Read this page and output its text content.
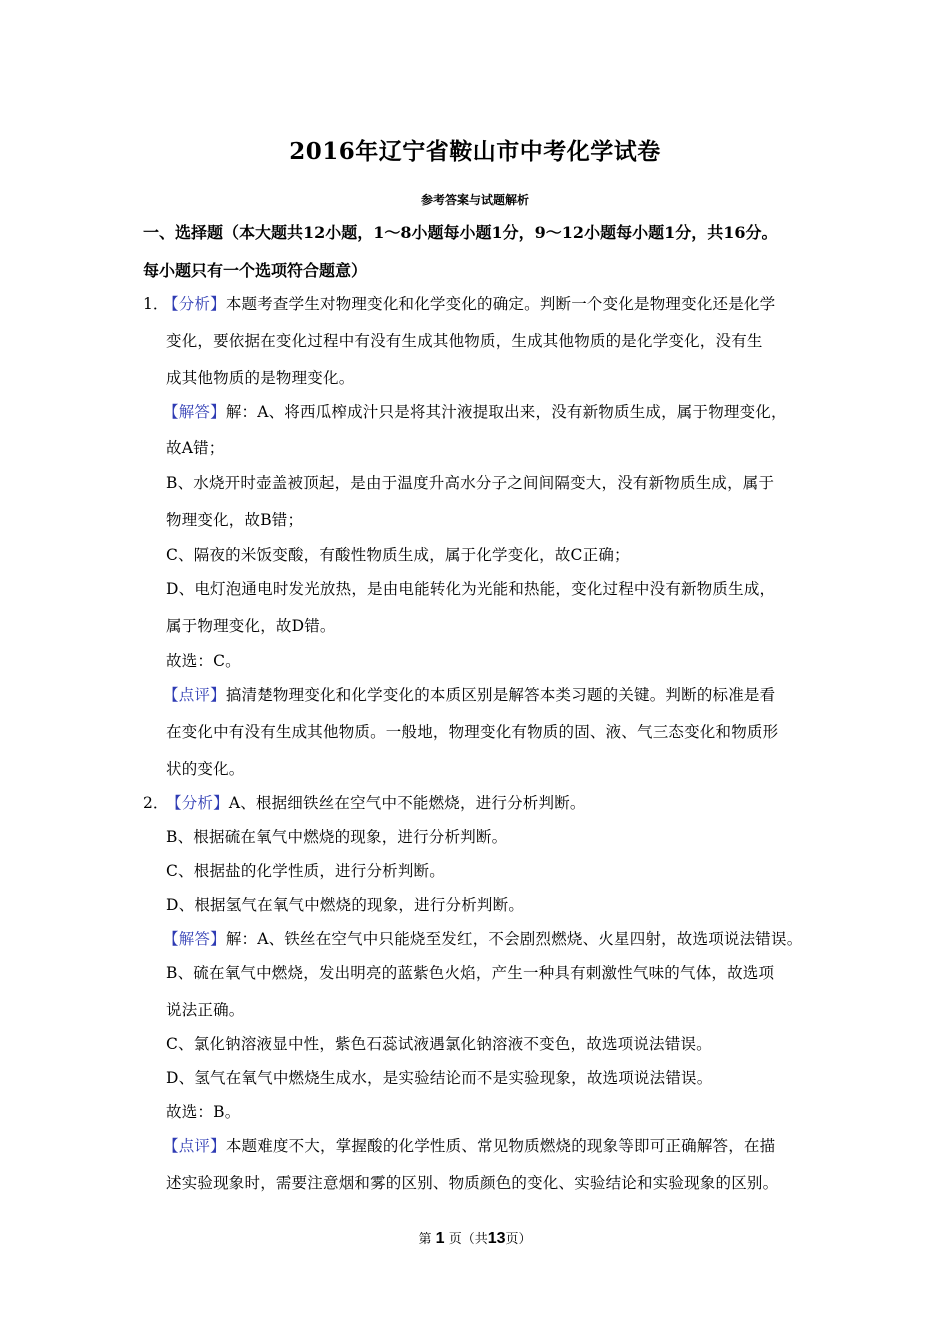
2016年辽宁省鞍山市中考化学试卷
参考答案与试题解析
一、选择题（本大题共12小题，1～8小题每小题1分，9～12小题每小题1分，共16分。
每小题只有一个选项符合题意）
1．
【分析】本题考查学生对物理变化和化学变化的确定。判断一个变化是物理变化还是化学
变化，要依据在变化过程中有没有生成其他物质，生成其他物质的是化学变化，没有生
成其他物质的是物理变化。
【解答】解：A、将西瓜榨成汁只是将其汁液提取出来，没有新物质生成，属于物理变化，
故A错；
B、水烧开时壶盖被顶起，是由于温度升高水分子之间间隔变大，没有新物质生成，属于
物理变化，故B错；
C、隔夜的米饭变酸，有酸性物质生成，属于化学变化，故C正确；
D、电灯泡通电时发光放热，是由电能转化为光能和热能，变化过程中没有新物质生成，
属于物理变化，故D错。
故选：C。
【点评】搞清楚物理变化和化学变化的本质区别是解答本类习题的关键。判断的标准是看
在变化中有没有生成其他物质。一般地，物理变化有物质的固、液、气三态变化和物质形
状的变化。
2．
【分析】A、根据细铁丝在空气中不能燃烧，进行分析判断。
B、根据硫在氧气中燃烧的现象，进行分析判断。
C、根据盐的化学性质，进行分析判断。
D、根据氢气在氧气中燃烧的现象，进行分析判断。
【解答】解：A、铁丝在空气中只能烧至发红，不会剧烈燃烧、火星四射，故选项说法错误。
B、硫在氧气中燃烧，发出明亮的蓝紫色火焰，产生一种具有刺激性气味的气体，故选项
说法正确。
C、氯化钠溶液显中性，紫色石蕊试液遇氯化钠溶液不变色，故选项说法错误。
D、氢气在氧气中燃烧生成水，是实验结论而不是实验现象，故选项说法错误。
故选：B。
【点评】本题难度不大，掌握酸的化学性质、常见物质燃烧的现象等即可正确解答，在描
述实验现象时，需要注意烟和雾的区别、物质颜色的变化、实验结论和实验现象的区别。
第 1 页（共13页）
